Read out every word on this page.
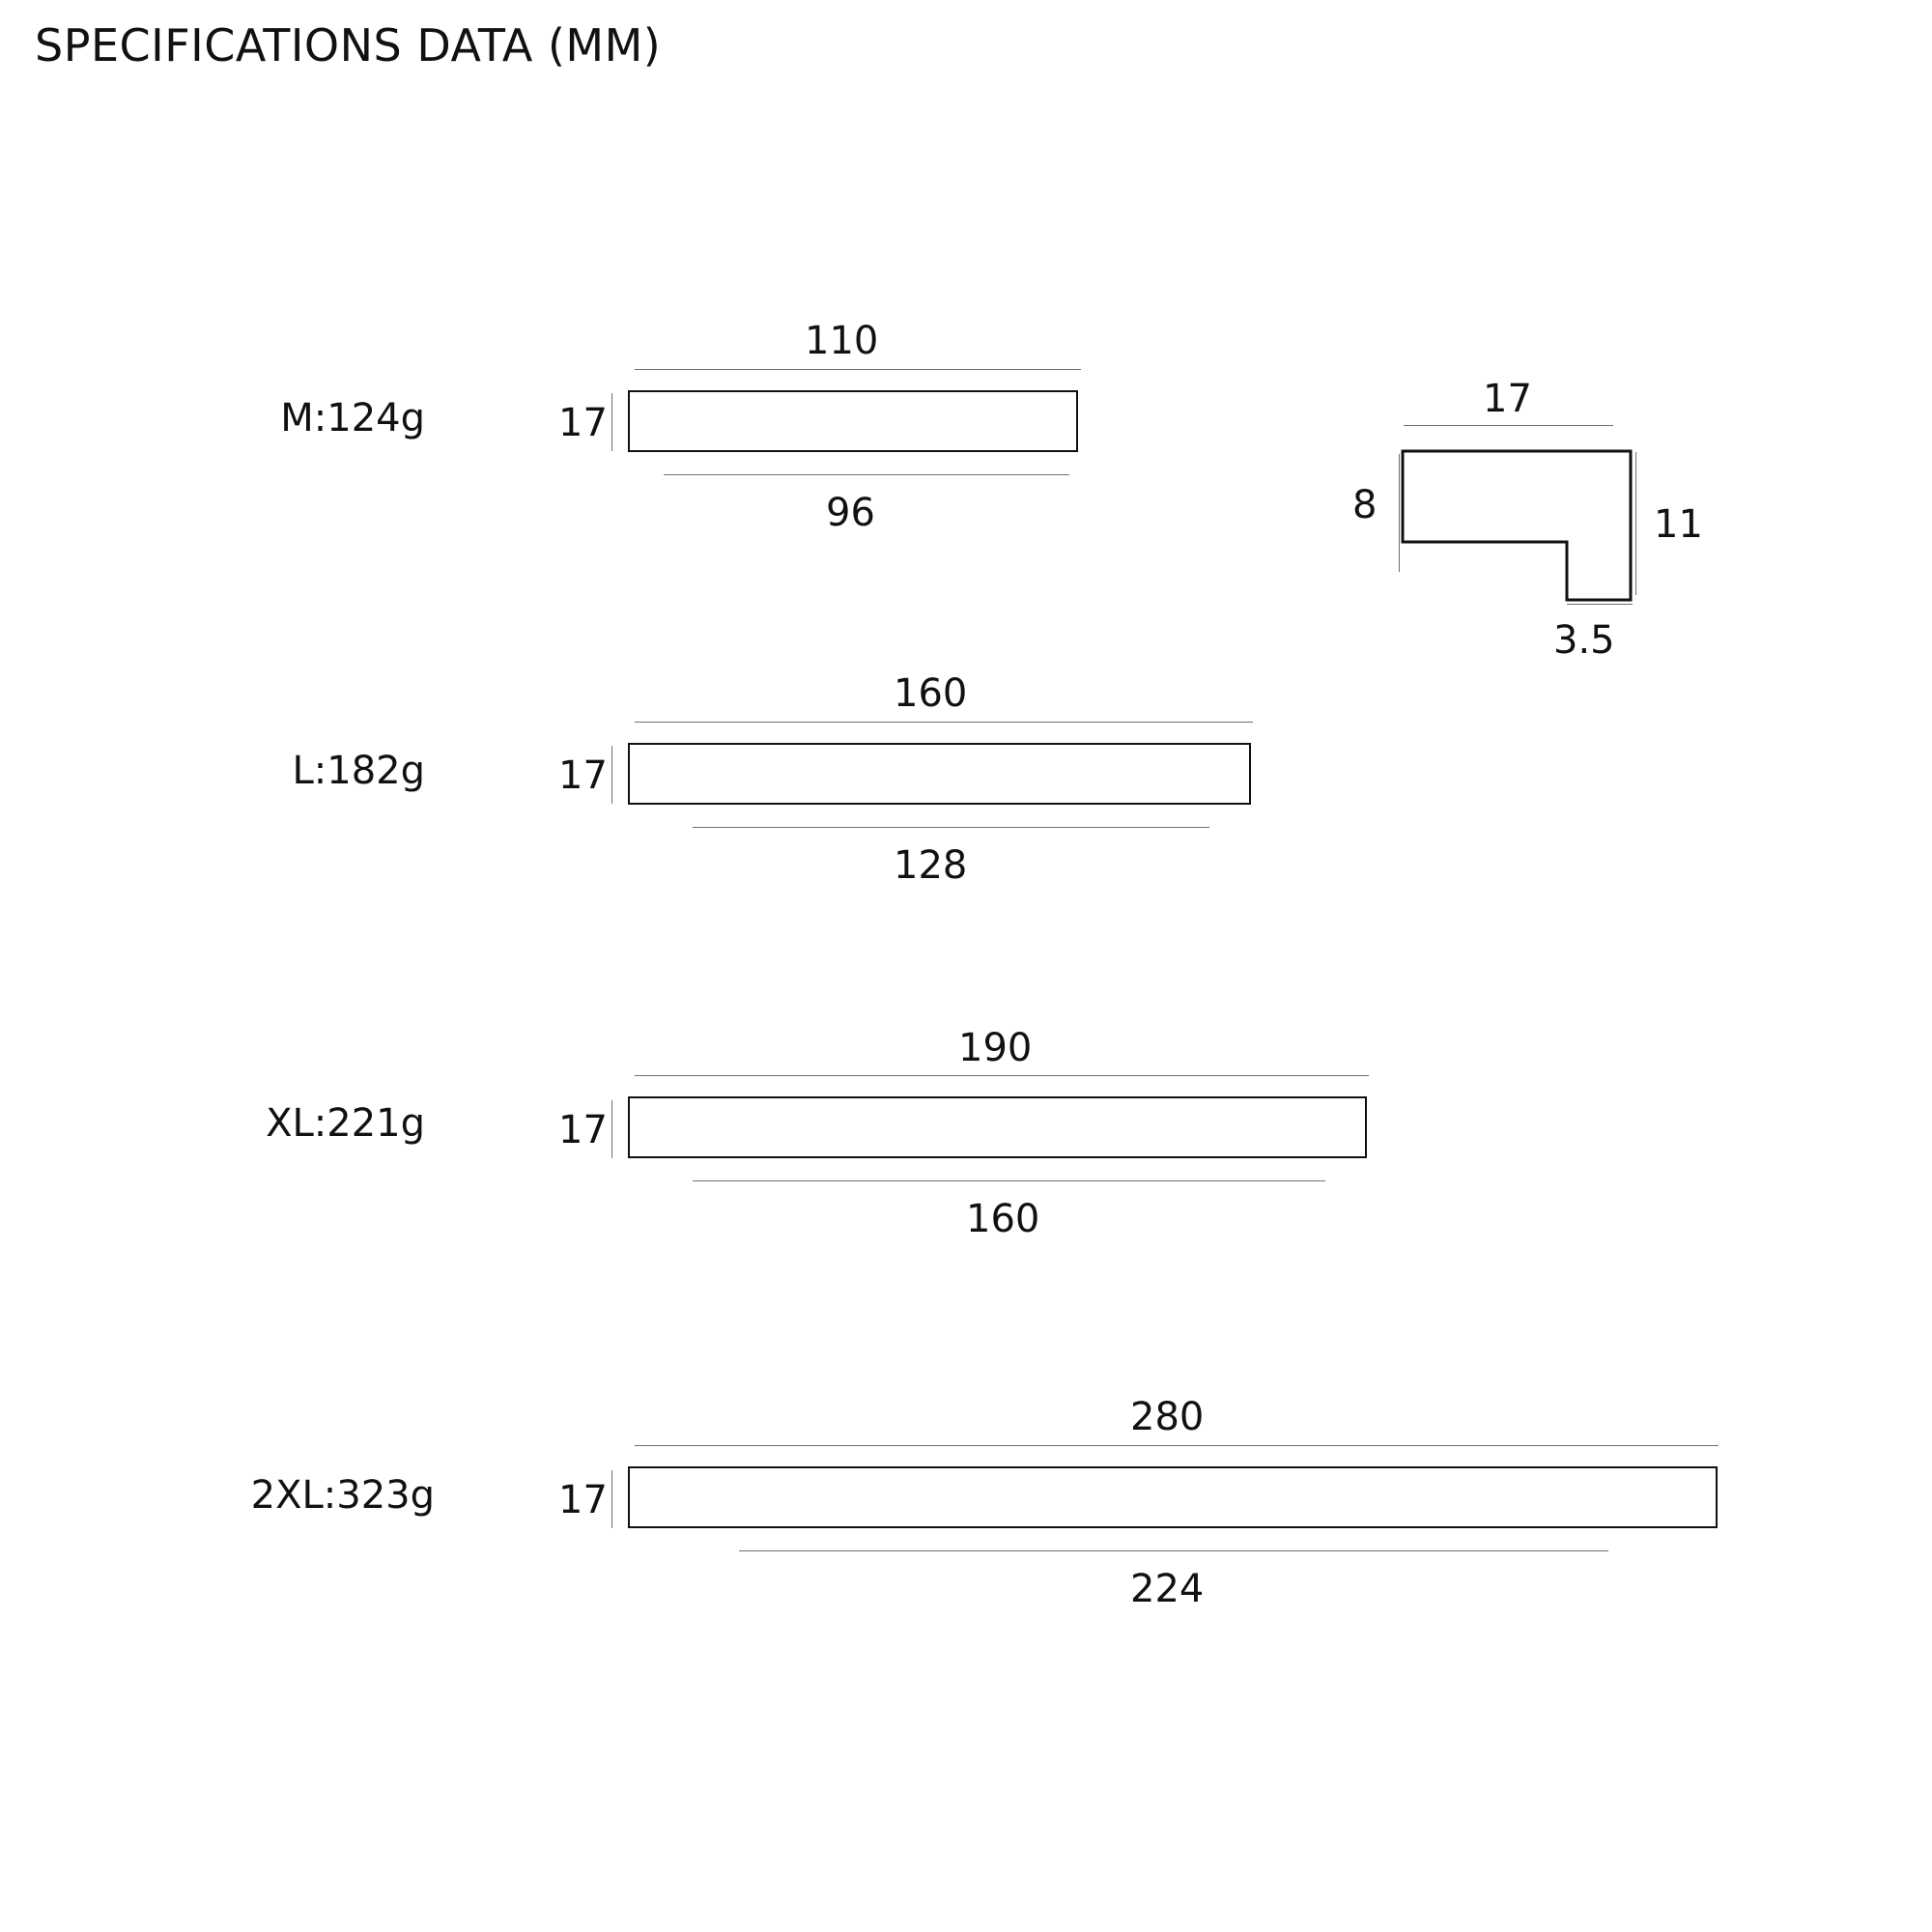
SPECIFICATIONS DATA (MM)
M:124g	17
110
96
17
8	11
3.5
L:182g	17
160
128
XL:221g	17
190
160
2XL:323g	17
280
224
